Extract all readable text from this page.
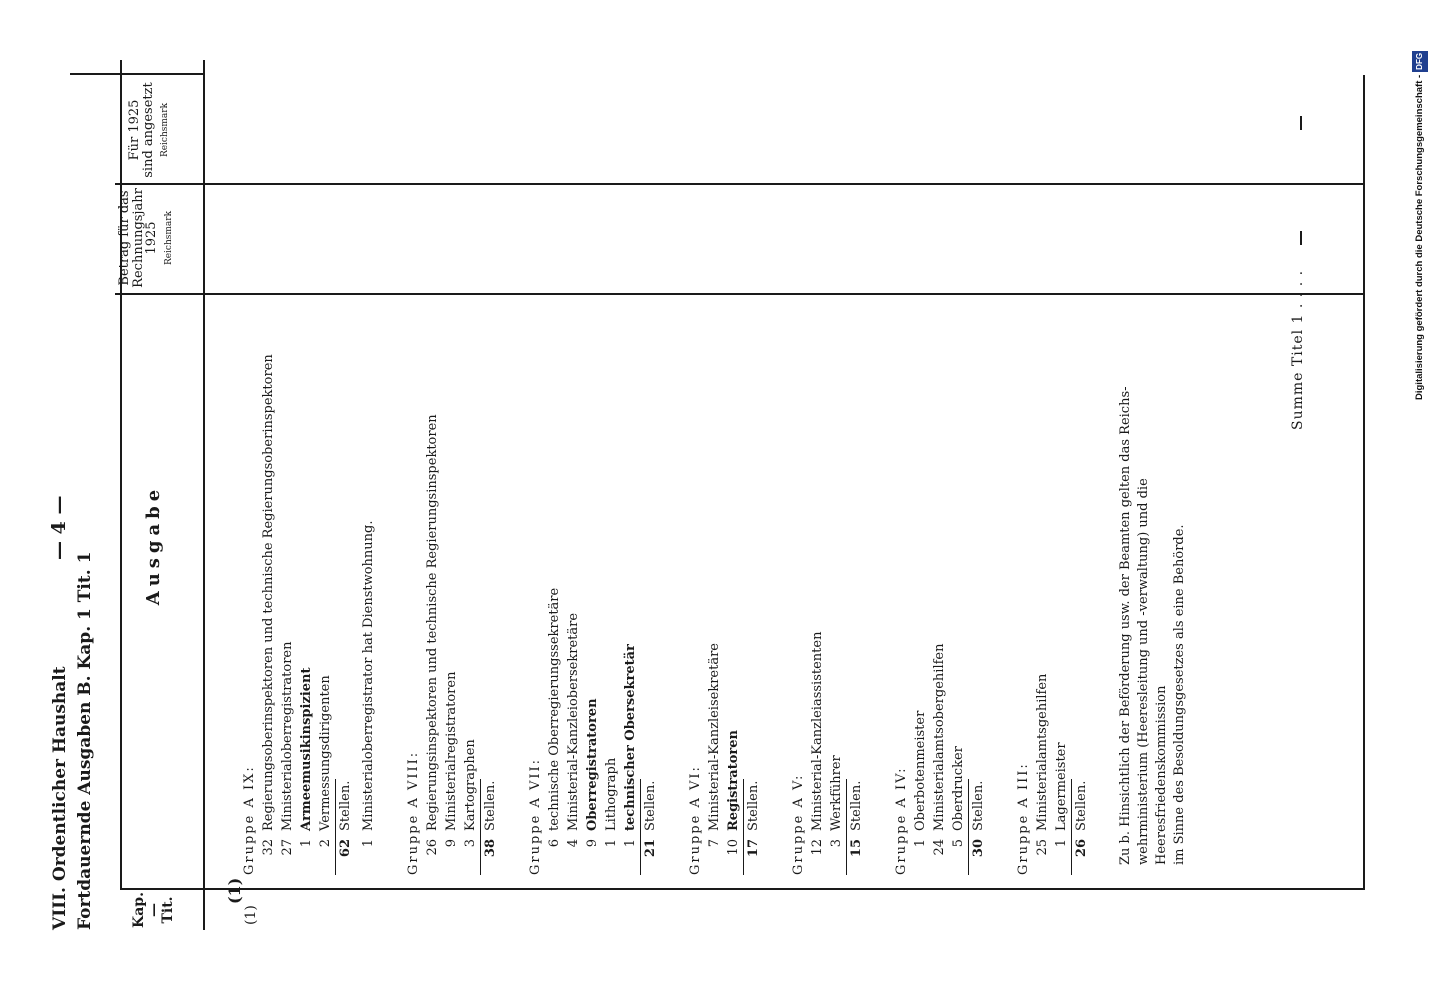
VIII. Ordentlicher Haushalt Fortdauernde Ausgaben B. Kap. 1 Tit. 1
— 4 —
Kap.
—
Tit.
Ausgabe
Betrag für das
Rechnungsjahr
1925 Reichsmark
Für 1925
sind angesetzt Reichsmark
(1)
(1)
Gruppe A IX: 32
Regierungsoberinspektoren und technische Regierungsoberinspektoren
27
Ministerialoberregistratoren
1
Armeemusikinspizient
2
Vermessungsdirigenten
62
Stellen.
1
Ministerialoberregistrator hat Dienstwohnung. Gruppe A VIII: 26
Regierungsinspektoren und technische Regierungsinspektoren
9
Ministerialregistratoren
3
Kartographen
38
Stellen. Gruppe A VII: 6
technische Oberregierungssekretäre
4
Ministerial-Kanzleiobersekretäre
9
Oberregistratoren
1
Lithograph
1
technischer Obersekretär
21
Stellen. Gruppe A VI: 7
Ministerial-Kanzleisekretäre
10
Registratoren
17
Stellen. Gruppe A V: 12
Ministerial-Kanzleiassistenten
3
Werkführer
15
Stellen. Gruppe A IV: 1
Oberbotenmeister
24
Ministerialamtsobergehilfen
5
Oberdrucker
30
Stellen. Gruppe A III: 25
Ministerialamtsgehilfen
1
Lagermeister
26
Stellen. Zu b. Hinsichtlich der Beförderung usw. der Beamten gelten das Reichs- wehrministerium (Heeresleitung und -verwaltung) und die Heeresfriedenskommission im Sinne des Besoldungsgesetzes als eine Behörde.
Summe Titel 1 . . . .	Digitalisierung gefördert durch die Deutsche Forschungsgemeinschaft -DFG
